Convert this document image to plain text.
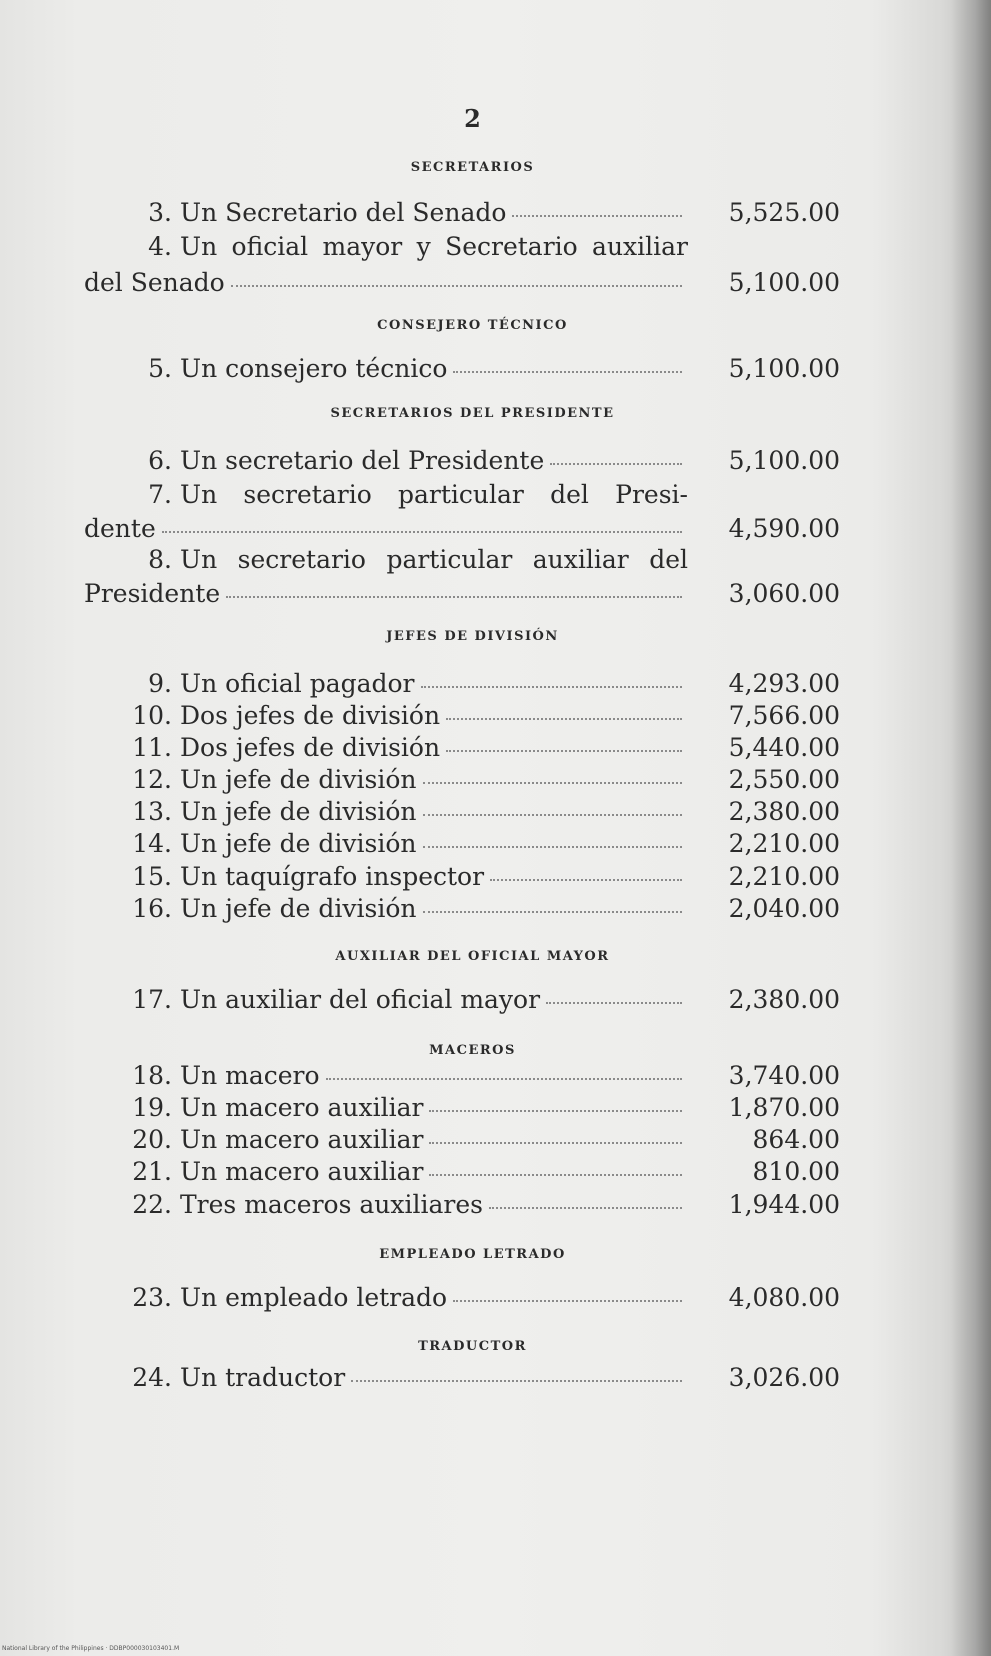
2
SECRETARIOS
3. Un Secretario del Senado	5,525.00
4. Un oficial mayor y Secretario auxiliar
del Senado	5,100.00
CONSEJERO TÉCNICO
5. Un consejero técnico	5,100.00
SECRETARIOS DEL PRESIDENTE
6. Un secretario del Presidente	5,100.00
7. Un secretario particular del Presi-
dente	4,590.00
8. Un secretario particular auxiliar del
Presidente	3,060.00
JEFES DE DIVISIÓN
9. Un oficial pagador	4,293.00
10. Dos jefes de división	7,566.00
11. Dos jefes de división	5,440.00
12. Un jefe de división	2,550.00
13. Un jefe de división	2,380.00
14. Un jefe de división	2,210.00
15. Un taquígrafo inspector	2,210.00
16. Un jefe de división	2,040.00
AUXILIAR DEL OFICIAL MAYOR
17. Un auxiliar del oficial mayor	2,380.00
MACEROS
18. Un macero	3,740.00
19. Un macero auxiliar	1,870.00
20. Un macero auxiliar	864.00
21. Un macero auxiliar	810.00
22. Tres maceros auxiliares	1,944.00
EMPLEADO LETRADO
23. Un empleado letrado	4,080.00
TRADUCTOR
24. Un traductor	3,026.00
National Library of the Philippines · DDBP000030103401.M
